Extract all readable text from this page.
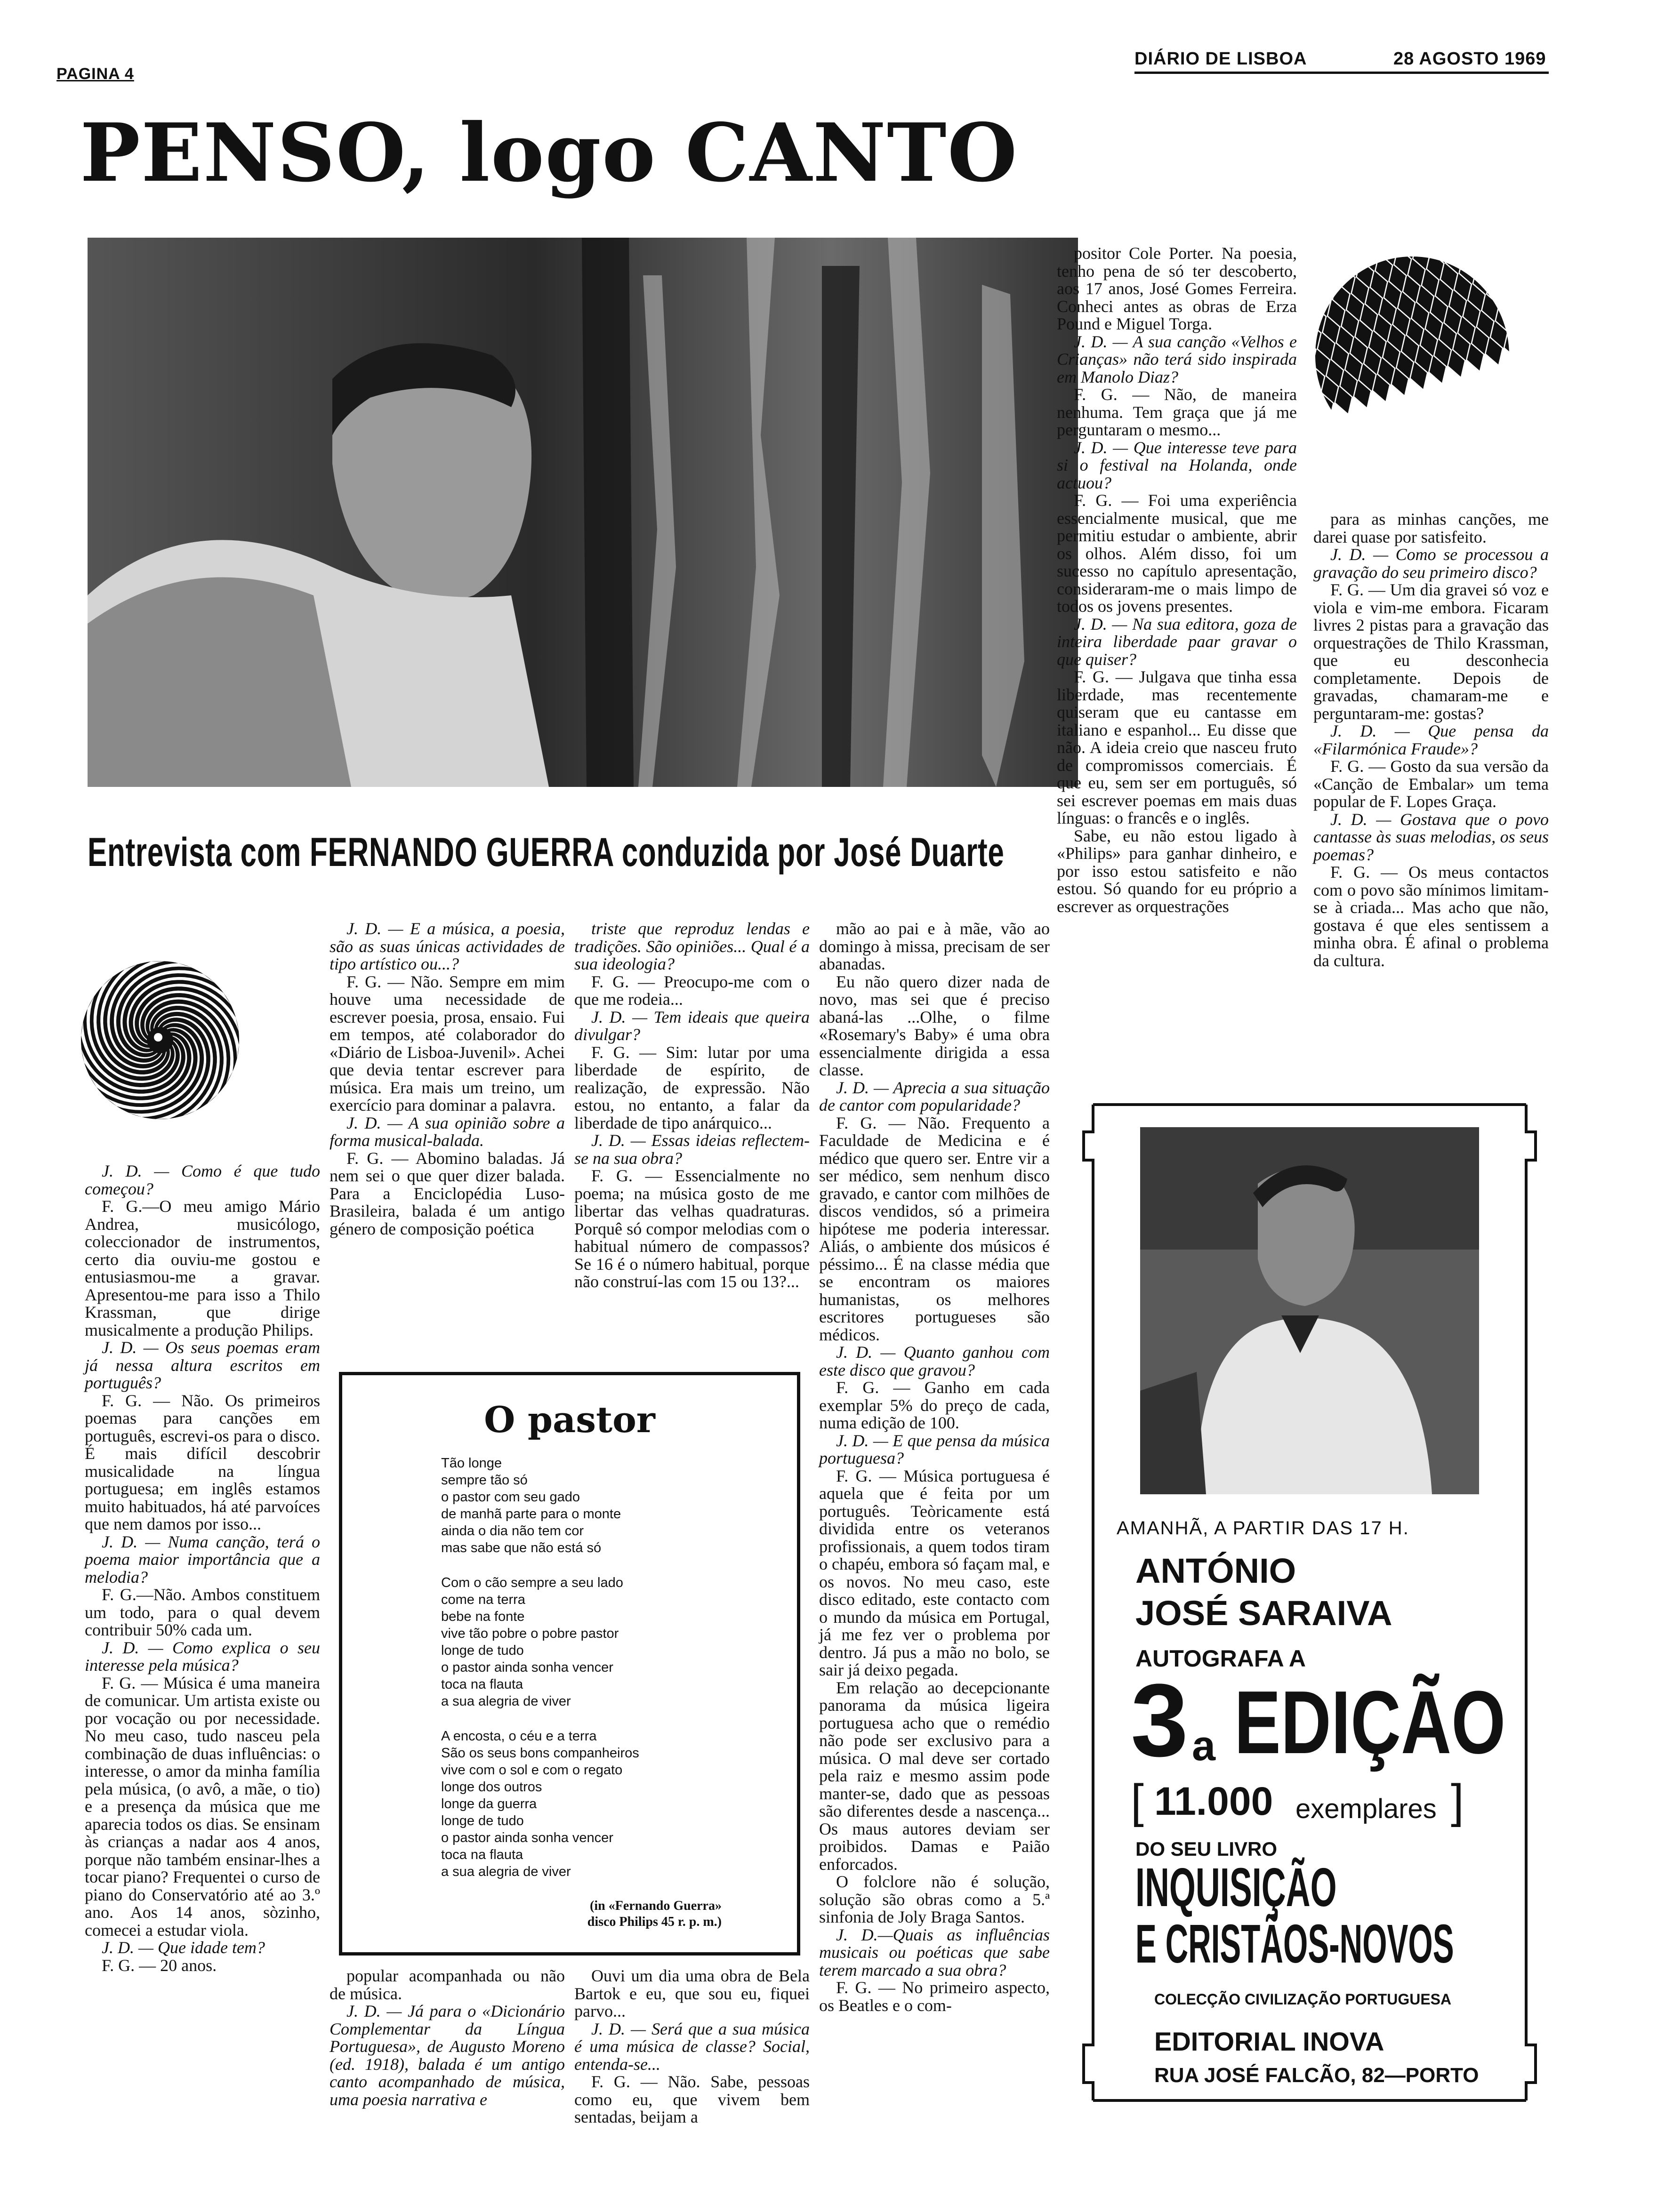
PAGINA 4
DIÁRIO DE LISBOA	28 AGOSTO 1969
PENSO, logo CANTO
Entrevista com FERNANDO GUERRA conduzida por José Duarte

J. D. — Como é que tudo começou?

F. G.—O meu amigo Mário Andrea, musicólogo, coleccionador de instrumentos, certo dia ouviu-me gostou e entusiasmou-me a gravar. Apresentou-me para isso a Thilo Krassman, que dirige musicalmente a produção Philips.

J. D. — Os seus poemas eram já nessa altura escritos em português?

F. G. — Não. Os primeiros poemas para canções em português, escrevi-os para o disco. É mais difícil descobrir musicalidade na língua portuguesa; em inglês estamos muito habituados, há até parvoíces que nem damos por isso...

J. D. — Numa canção, terá o poema maior importância que a melodia?

F. G.—Não. Ambos constituem um todo, para o qual devem contribuir 50% cada um.

J. D. — Como explica o seu interesse pela música?

F. G. — Música é uma maneira de comunicar. Um artista existe ou por vocação ou por necessidade. No meu caso, tudo nasceu pela combinação de duas influências: o interesse, o amor da minha família pela música, (o avô, a mãe, o tio) e a presença da música que me aparecia todos os dias. Se ensinam às crianças a nadar aos 4 anos, porque não também ensinar-lhes a tocar piano? Frequentei o curso de piano do Conservatório até ao 3.º ano. Aos 14 anos, sòzinho, comecei a estudar viola.

J. D. — Que idade tem?

F. G. — 20 anos.

J. D. — E a música, a poesia, são as suas únicas actividades de tipo artístico ou...?

F. G. — Não. Sempre em mim houve uma necessidade de escrever poesia, prosa, ensaio. Fui em tempos, até colaborador do «Diário de Lisboa-Juvenil». Achei que devia tentar escrever para música. Era mais um treino, um exercício para dominar a palavra.

J. D. — A sua opinião sobre a forma musical-balada.

F. G. — Abomino baladas. Já nem sei o que quer dizer balada. Para a Enciclopédia Luso-Brasileira, balada é um antigo género de composição poética

triste que reproduz lendas e tradições. São opiniões... Qual é a sua ideologia?

F. G. — Preocupo-me com o que me rodeia...

J. D. — Tem ideais que queira divulgar?

F. G. — Sim: lutar por uma liberdade de espírito, de realização, de expressão. Não estou, no entanto, a falar da liberdade de tipo anárquico...

J. D. — Essas ideias reflectem-se na sua obra?

F. G. — Essencialmente no poema; na música gosto de me libertar das velhas quadraturas. Porquê só compor melodias com o habitual número de compassos? Se 16 é o número habitual, porque não construí-las com 15 ou 13?...

mão ao pai e à mãe, vão ao domingo à missa, precisam de ser abanadas.

Eu não quero dizer nada de novo, mas sei que é preciso abaná-las ...Olhe, o filme «Rosemary's Baby» é uma obra essencialmente dirigida a essa classe.

J. D. — Aprecia a sua situação de cantor com popularidade?

F. G. — Não. Frequento a Faculdade de Medicina e é médico que quero ser. Entre vir a ser médico, sem nenhum disco gravado, e cantor com milhões de discos vendidos, só a primeira hipótese me poderia interessar. Aliás, o ambiente dos músicos é péssimo... É na classe média que se encontram os maiores humanistas, os melhores escritores portugueses são médicos.

J. D. — Quanto ganhou com este disco que gravou?

F. G. — Ganho em cada exemplar 5% do preço de cada, numa edição de 100.

J. D. — E que pensa da música portuguesa?

F. G. — Música portuguesa é aquela que é feita por um português. Teòricamente está dividida entre os veteranos profissionais, a quem todos tiram o chapéu, embora só façam mal, e os novos. No meu caso, este disco editado, este contacto com o mundo da música em Portugal, já me fez ver o problema por dentro. Já pus a mão no bolo, se sair já deixo pegada.

Em relação ao decepcionante panorama da música ligeira portuguesa acho que o remédio não pode ser exclusivo para a música. O mal deve ser cortado pela raiz e mesmo assim pode manter-se, dado que as pessoas são diferentes desde a nascença... Os maus autores deviam ser proibidos. Damas e Paião enforcados.

O folclore não é solução, solução são obras como a 5.ª sinfonia de Joly Braga Santos.

J. D.—Quais as influências musicais ou poéticas que sabe terem marcado a sua obra?

F. G. — No primeiro aspecto, os Beatles e o com-

positor Cole Porter. Na poesia, tenho pena de só ter descoberto, aos 17 anos, José Gomes Ferreira. Conheci antes as obras de Erza Pound e Miguel Torga.

J. D. — A sua canção «Velhos e Crianças» não terá sido inspirada em Manolo Diaz?

F. G. — Não, de maneira nenhuma. Tem graça que já me perguntaram o mesmo...

J. D. — Que interesse teve para si o festival na Holanda, onde actuou?

F. G. — Foi uma experiência essencialmente musical, que me permitiu estudar o ambiente, abrir os olhos. Além disso, foi um sucesso no capítulo apresentação, consideraram-me o mais limpo de todos os jovens presentes.

J. D. — Na sua editora, goza de inteira liberdade paar gravar o que quiser?

F. G. — Julgava que tinha essa liberdade, mas recentemente quiseram que eu cantasse em italiano e espanhol... Eu disse que não. A ideia creio que nasceu fruto de compromissos comerciais. É que eu, sem ser em português, só sei escrever poemas em mais duas línguas: o francês e o inglês.

Sabe, eu não estou ligado à «Philips» para ganhar dinheiro, e por isso estou satisfeito e não estou. Só quando for eu próprio a escrever as orquestrações

para as minhas canções, me darei quase por satisfeito.

J. D. — Como se processou a gravação do seu primeiro disco?

F. G. — Um dia gravei só voz e viola e vim-me embora. Ficaram livres 2 pistas para a gravação das orquestrações de Thilo Krassman, que eu desconhecia completamente. Depois de gravadas, chamaram-me e perguntaram-me: gostas?

J. D. — Que pensa da «Filarmónica Fraude»?

F. G. — Gosto da sua versão da «Canção de Embalar» um tema popular de F. Lopes Graça.

J. D. — Gostava que o povo cantasse às suas melodias, os seus poemas?

F. G. — Os meus contactos com o povo são mínimos limitam-se à criada... Mas acho que não, gostava é que eles sentissem a minha obra. É afinal o problema da cultura.

popular acompanhada ou não de música.

J. D. — Já para o «Dicionário Complementar da Língua Portuguesa», de Augusto Moreno (ed. 1918), balada é um antigo canto acompanhado de música, uma poesia narrativa e

Ouvi um dia uma obra de Bela Bartok e eu, que sou eu, fiquei parvo...

J. D. — Será que a sua música é uma música de classe? Social, entenda-se...

F. G. — Não. Sabe, pessoas como eu, que vivem bem sentadas, beijam a

O pastor
Tão longe
sempre tão só
o pastor com seu gado
de manhã parte para o monte
ainda o dia não tem cor
mas sabe que não está só
Com o cão sempre a seu lado
come na terra
bebe na fonte
vive tão pobre o pobre pastor
longe de tudo
o pastor ainda sonha vencer
toca na flauta
a sua alegria de viver
A encosta, o céu e a terra
São os seus bons companheiros
vive com o sol e com o regato
longe dos outros
longe da guerra
longe de tudo
o pastor ainda sonha vencer
toca na flauta
a sua alegria de viver
(in «Fernando Guerra»
disco Philips 45 r. p. m.)
AMANHÃ, A PARTIR DAS 17 H.
ANTÓNIO
JOSÉ SARAIVA
AUTOGRAFA A
3 a EDIÇÃO
[ 11.000 exemplares ]
DO SEU LIVRO
INQUISIÇÃO
E CRISTÃOS-NOVOS
COLECÇÃO CIVILIZAÇÃO PORTUGUESA
EDITORIAL INOVA
RUA JOSÉ FALCÃO, 82—PORTO
